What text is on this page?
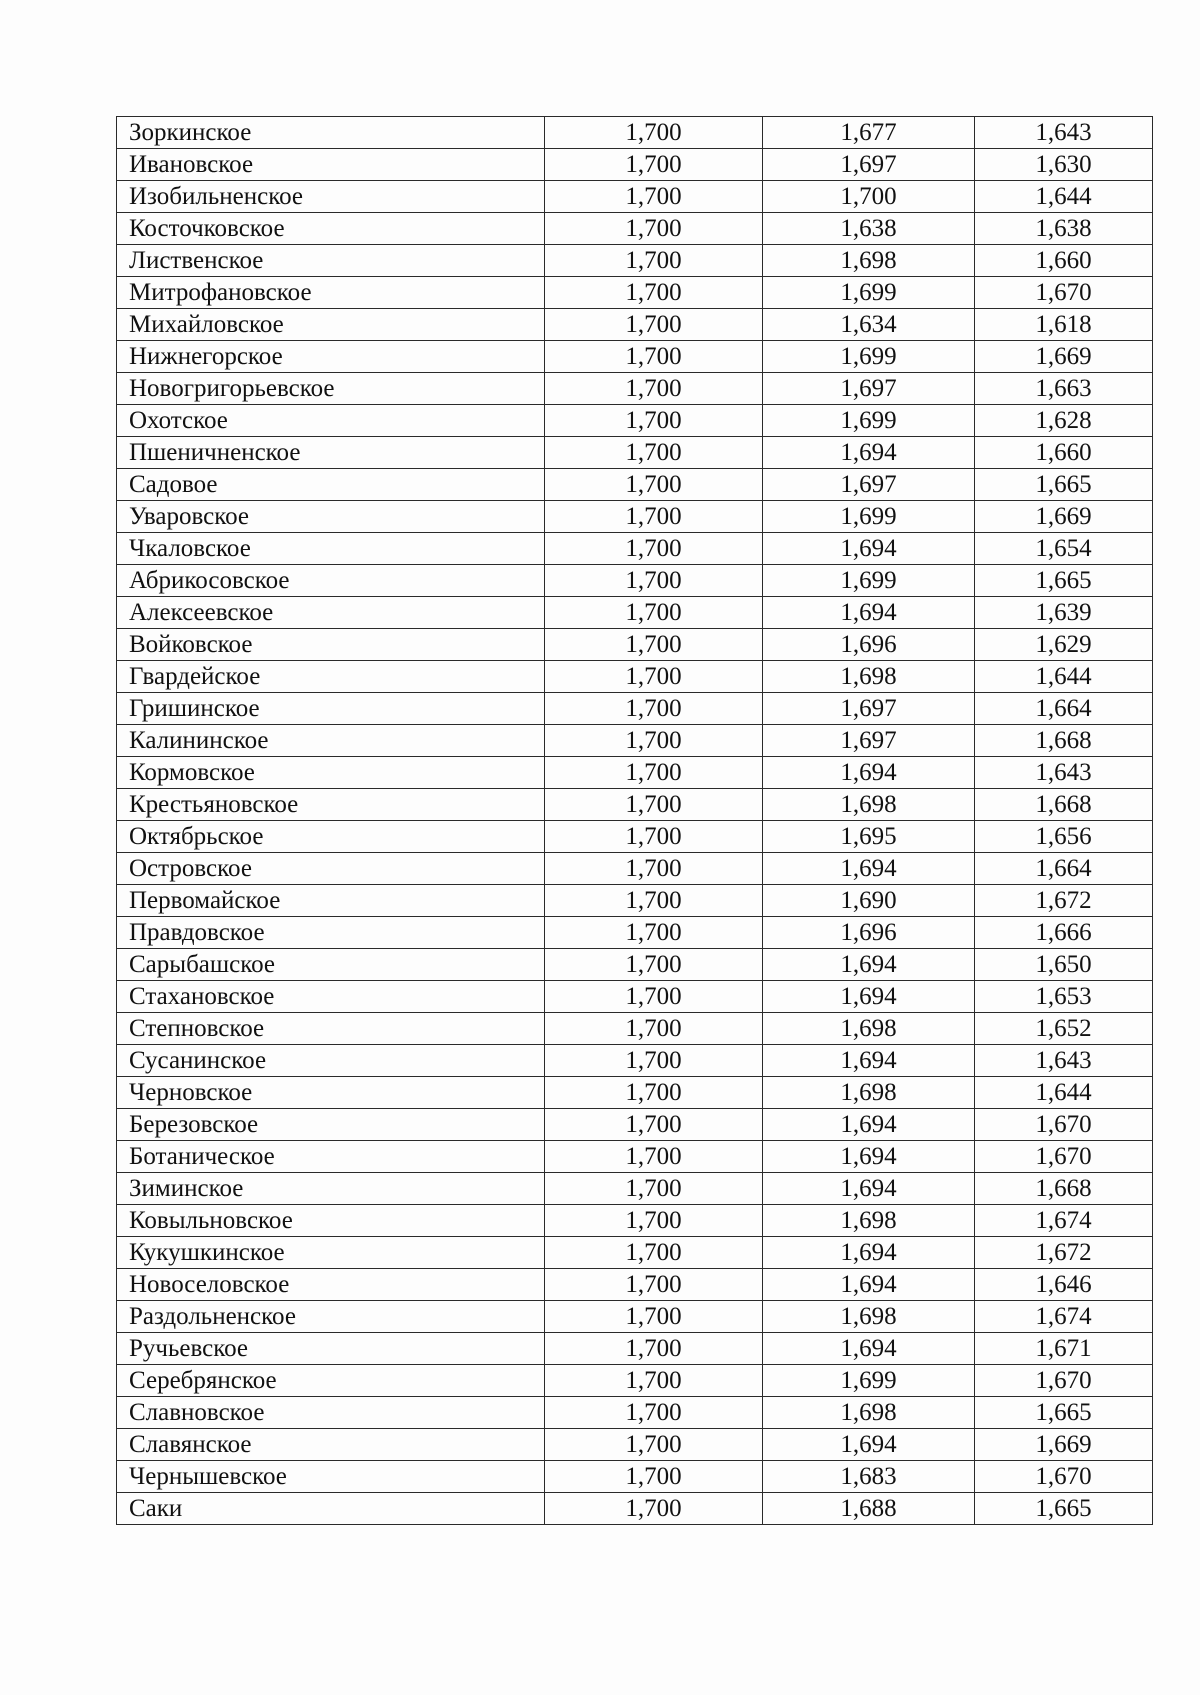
Зоркинское	1,700	1,677	1,643
Ивановское	1,700	1,697	1,630
Изобильненское	1,700	1,700	1,644
Косточковское	1,700	1,638	1,638
Лиственское	1,700	1,698	1,660
Митрофановское	1,700	1,699	1,670
Михайловское	1,700	1,634	1,618
Нижнегорское	1,700	1,699	1,669
Новогригорьевское	1,700	1,697	1,663
Охотское	1,700	1,699	1,628
Пшеничненское	1,700	1,694	1,660
Садовое	1,700	1,697	1,665
Уваровское	1,700	1,699	1,669
Чкаловское	1,700	1,694	1,654
Абрикосовское	1,700	1,699	1,665
Алексеевское	1,700	1,694	1,639
Войковское	1,700	1,696	1,629
Гвардейское	1,700	1,698	1,644
Гришинское	1,700	1,697	1,664
Калининское	1,700	1,697	1,668
Кормовское	1,700	1,694	1,643
Крестьяновское	1,700	1,698	1,668
Октябрьское	1,700	1,695	1,656
Островское	1,700	1,694	1,664
Первомайское	1,700	1,690	1,672
Правдовское	1,700	1,696	1,666
Сарыбашское	1,700	1,694	1,650
Стахановское	1,700	1,694	1,653
Степновское	1,700	1,698	1,652
Сусанинское	1,700	1,694	1,643
Черновское	1,700	1,698	1,644
Березовское	1,700	1,694	1,670
Ботаническое	1,700	1,694	1,670
Зиминское	1,700	1,694	1,668
Ковыльновское	1,700	1,698	1,674
Кукушкинское	1,700	1,694	1,672
Новоселовское	1,700	1,694	1,646
Раздольненское	1,700	1,698	1,674
Ручьевское	1,700	1,694	1,671
Серебрянское	1,700	1,699	1,670
Славновское	1,700	1,698	1,665
Славянское	1,700	1,694	1,669
Чернышевское	1,700	1,683	1,670
Саки	1,700	1,688	1,665
